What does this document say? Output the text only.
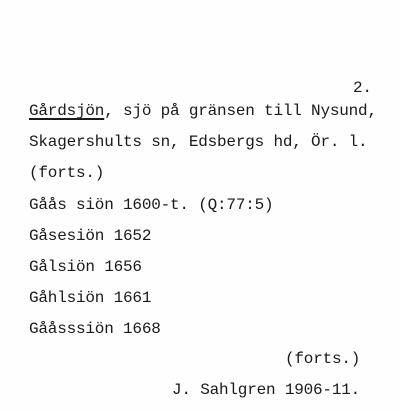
2.
Gårdsjön, sjö på gränsen till Nysund,
Skagershults sn, Edsbergs hd, Ör. l.
(forts.)
Gåås siön 1600-t. (Q:77:5)
Gåsesiön 1652
Gålsiön 1656
Gåhlsiön 1661
Gååsssiön 1668
(forts.)
J. Sahlgren 1906-11.
